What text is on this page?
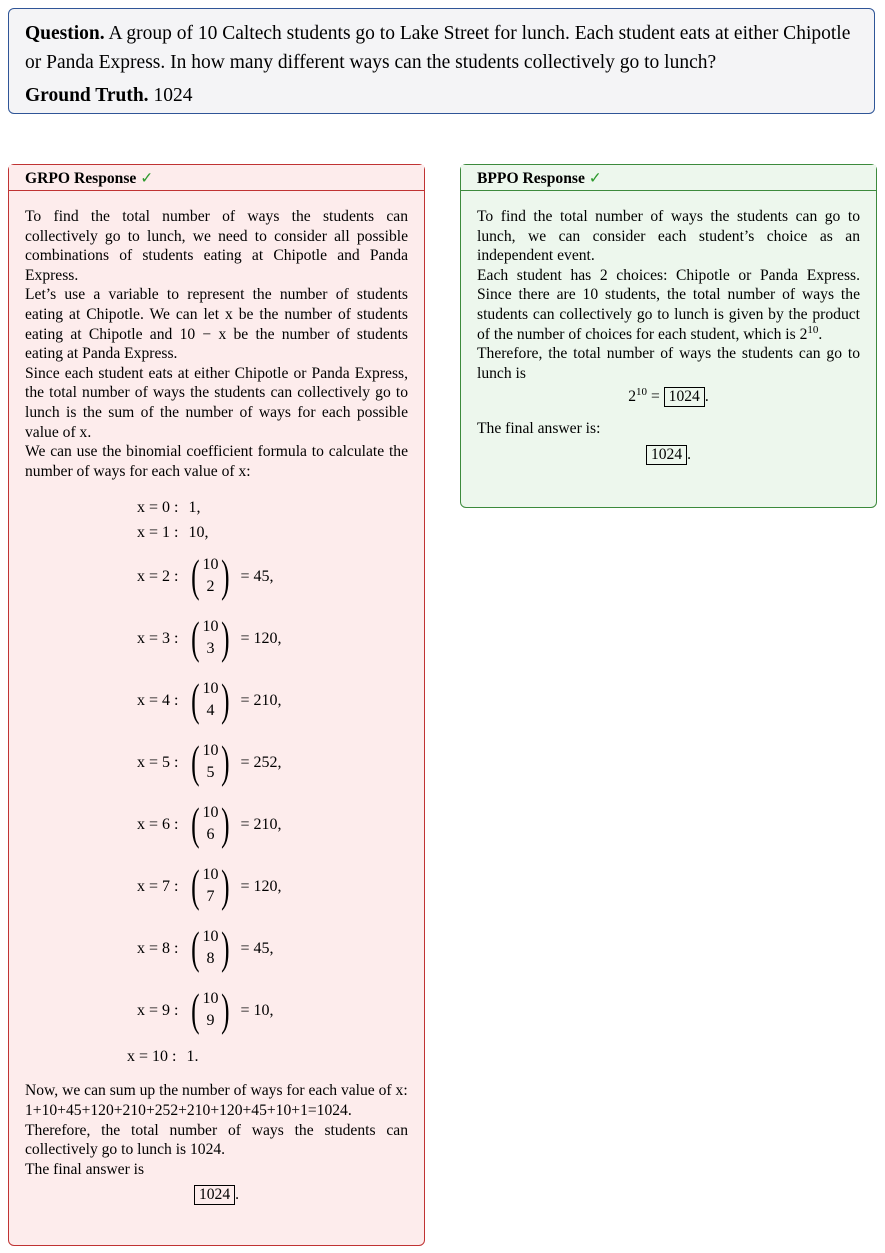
Question. A group of 10 Caltech students go to Lake Street for lunch. Each student eats at either Chipotle or Panda Express. In how many different ways can the students collectively go to lunch?
Ground Truth. 1024
GRPO Response ✓

To find the total number of ways the students can collectively go to lunch, we need to consider all possible combinations of students eating at Chipotle and Panda Express.

Let’s use a variable to represent the number of students eating at Chipotle. We can let x be the number of students eating at Chipotle and 10 − x be the number of students eating at Panda Express.

Since each student eats at either Chipotle or Panda Express, the total number of ways the students can collectively go to lunch is the sum of the number of ways for each possible value of x.

We can use the binomial coefficient formula to calculate the number of ways for each value of x:

x = 0 : 1,
x = 1 : 10,
x = 2 : ( 10
2 ) = 45,
x = 3 : ( 10
3 ) = 120,
x = 4 : ( 10
4 ) = 210,
x = 5 : ( 10
5 ) = 252,
x = 6 : ( 10
6 ) = 210,
x = 7 : ( 10
7 ) = 120,
x = 8 : ( 10
8 ) = 45,
x = 9 : ( 10
9 ) = 10,
x = 10 : 1.

Now, we can sum up the number of ways for each value of x:

1+10+45+120+210+252+210+120+45+10+1=1024.

Therefore, the total number of ways the students can collectively go to lunch is 1024.

The final answer is

1024 .
BPPO Response ✓

To find the total number of ways the students can go to lunch, we can consider each student’s choice as an independent event.

Each student has 2 choices: Chipotle or Panda Express. Since there are 10 students, the total number of ways the students can collectively go to lunch is given by the product of the number of choices for each student, which is $2^{10}$.

Therefore, the total number of ways the students can go to lunch is

$2^{10} = 1024$ .

The final answer is:

1024 .
